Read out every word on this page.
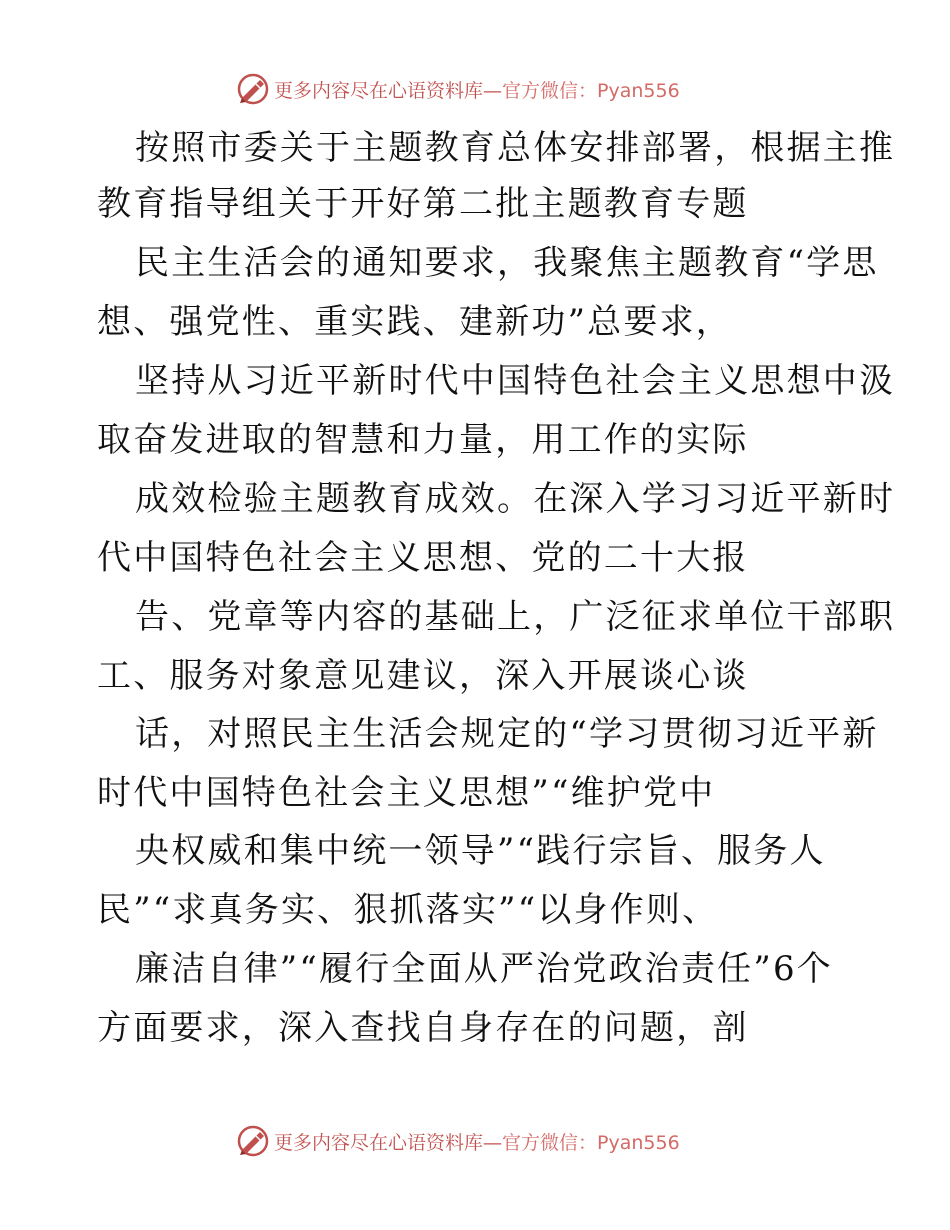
更多内容尽在心语资料库—官方微信：Pyan556
按照市委关于主题教育总体安排部署，根据主推
教育指导组关于开好第二批主题教育专题
民主生活会的通知要求，我聚焦主题教育“学思
想、强党性、重实践、建新功”总要求，
坚持从习近平新时代中国特色社会主义思想中汲
取奋发进取的智慧和力量，用工作的实际
成效检验主题教育成效。在深入学习习近平新时
代中国特色社会主义思想、党的二十大报
告、党章等内容的基础上，广泛征求单位干部职
工、服务对象意见建议，深入开展谈心谈
话，对照民主生活会规定的“学习贯彻习近平新
时代中国特色社会主义思想”“维护党中
央权威和集中统一领导”“践行宗旨、服务人
民”“求真务实、狠抓落实”“以身作则、
廉洁自律”“履行全面从严治党政治责任”6个
方面要求，深入查找自身存在的问题，剖
更多内容尽在心语资料库—官方微信：Pyan556
